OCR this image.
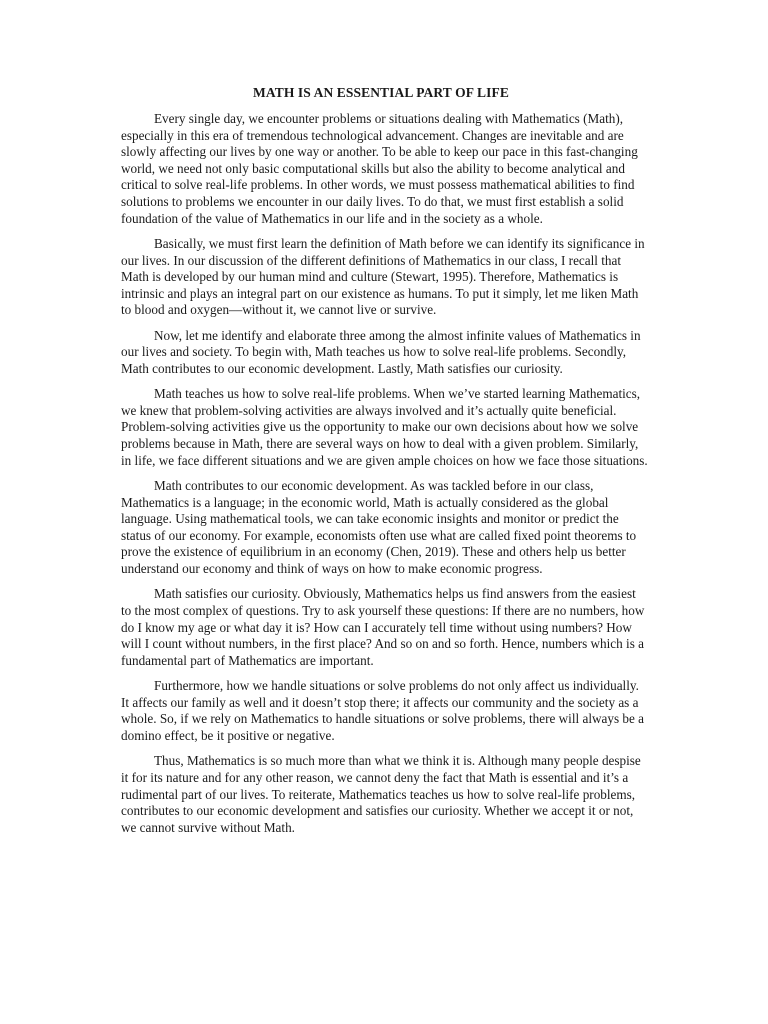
MATH IS AN ESSENTIAL PART OF LIFE

Every single day, we encounter problems or situations dealing with Mathematics (Math), especially in this era of tremendous technological advancement. Changes are inevitable and are slowly affecting our lives by one way or another. To be able to keep our pace in this fast-changing world, we need not only basic computational skills but also the ability to become analytical and critical to solve real-life problems. In other words, we must possess mathematical abilities to find solutions to problems we encounter in our daily lives. To do that, we must first establish a solid foundation of the value of Mathematics in our life and in the society as a whole.

Basically, we must first learn the definition of Math before we can identify its significance in our lives. In our discussion of the different definitions of Mathematics in our class, I recall that Math is developed by our human mind and culture (Stewart, 1995). Therefore, Mathematics is intrinsic and plays an integral part on our existence as humans. To put it simply, let me liken Math to blood and oxygen—without it, we cannot live or survive.

Now, let me identify and elaborate three among the almost infinite values of Mathematics in our lives and society. To begin with, Math teaches us how to solve real-life problems. Secondly, Math contributes to our economic development. Lastly, Math satisfies our curiosity.

Math teaches us how to solve real-life problems. When we’ve started learning Mathematics, we knew that problem-solving activities are always involved and it’s actually quite beneficial. Problem-solving activities give us the opportunity to make our own decisions about how we solve problems because in Math, there are several ways on how to deal with a given problem. Similarly, in life, we face different situations and we are given ample choices on how we face those situations.

Math contributes to our economic development. As was tackled before in our class, Mathematics is a language; in the economic world, Math is actually considered as the global language. Using mathematical tools, we can take economic insights and monitor or predict the status of our economy. For example, economists often use what are called fixed point theorems to prove the existence of equilibrium in an economy (Chen, 2019). These and others help us better understand our economy and think of ways on how to make economic progress.

Math satisfies our curiosity. Obviously, Mathematics helps us find answers from the easiest to the most complex of questions. Try to ask yourself these questions: If there are no numbers, how do I know my age or what day it is? How can I accurately tell time without using numbers? How will I count without numbers, in the first place? And so on and so forth. Hence, numbers which is a fundamental part of Mathematics are important.

Furthermore, how we handle situations or solve problems do not only affect us individually. It affects our family as well and it doesn’t stop there; it affects our community and the society as a whole. So, if we rely on Mathematics to handle situations or solve problems, there will always be a domino effect, be it positive or negative.

Thus, Mathematics is so much more than what we think it is. Although many people despise it for its nature and for any other reason, we cannot deny the fact that Math is essential and it’s a rudimental part of our lives. To reiterate, Mathematics teaches us how to solve real-life problems, contributes to our economic development and satisfies our curiosity. Whether we accept it or not, we cannot survive without Math.
